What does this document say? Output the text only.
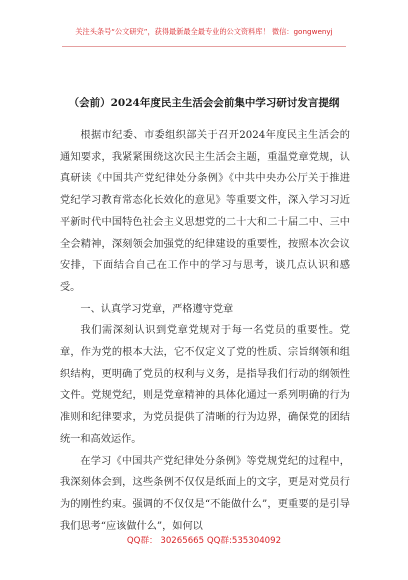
关注头条号“公文研究”，获得最新最全最专业的公文资料库！ 微信：gongwenyj
（会前）2024年度民主生活会会前集中学习研讨发言提纲

根据市纪委、市委组织部关于召开2024年度民主生活会的通知要求，我紧紧围绕这次民主生活会主题，重温党章党规，认真研读《中国共产党纪律处分条例》《中共中央办公厅关于推进党纪学习教育常态化长效化的意见》等重要文件，深入学习习近平新时代中国特色社会主义思想党的二十大和二十届二中、三中全会精神，深刻领会加强党的纪律建设的重要性，按照本次会议安排，下面结合自己在工作中的学习与思考，谈几点认识和感受。

一、认真学习党章，严格遵守党章

我们需深刻认识到党章党规对于每一名党员的重要性。党章，作为党的根本大法，它不仅定义了党的性质、宗旨纲领和组织结构，更明确了党员的权利与义务，是指导我们行动的纲领性文件。党规党纪，则是党章精神的具体化通过一系列明确的行为准则和纪律要求，为党员提供了清晰的行为边界，确保党的团结统一和高效运作。

在学习《中国共产党纪律处分条例》等党规党纪的过程中，我深刻体会到，这些条例不仅仅是纸面上的文字，更是对党员行为的刚性约束。强调的不仅仅是“不能做什么”，更重要的是引导我们思考“应该做什么”，如何以

QQ群： 30265665 QQ群:535304092
